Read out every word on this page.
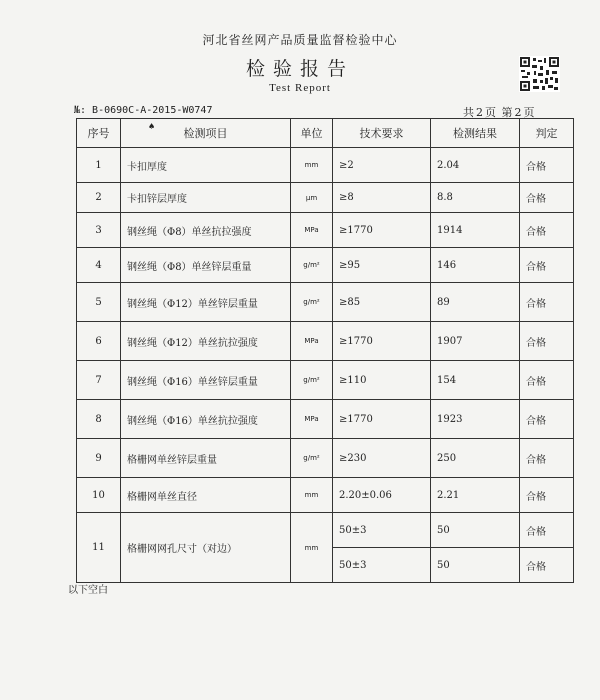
河北省丝网产品质量监督检验中心
检验报告
Test Report
№: B-0690C-A-2015-W0747	共 2 页 第 2 页
♠
序号	检测项目	单位	技术要求	检测结果	判定
1	卡扣厚度	mm	≥2	2.04	合格
2	卡扣锌层厚度	μm	≥8	8.8	合格
3	钢丝绳（Φ8）单丝抗拉强度	MPa	≥1770	1914	合格
4	钢丝绳（Φ8）单丝锌层重量	g/m²	≥95	146	合格
5	钢丝绳（Φ12）单丝锌层重量	g/m²	≥85	89	合格
6	钢丝绳（Φ12）单丝抗拉强度	MPa	≥1770	1907	合格
7	钢丝绳（Φ16）单丝锌层重量	g/m²	≥110	154	合格
8	钢丝绳（Φ16）单丝抗拉强度	MPa	≥1770	1923	合格
9	格栅网单丝锌层重量	g/m²	≥230	250	合格
10	格栅网单丝直径	mm	2.20±0.06	2.21	合格
11	格栅网网孔尺寸（对边）	mm	50±3	50	合格
			50±3	50	合格
以下空白
